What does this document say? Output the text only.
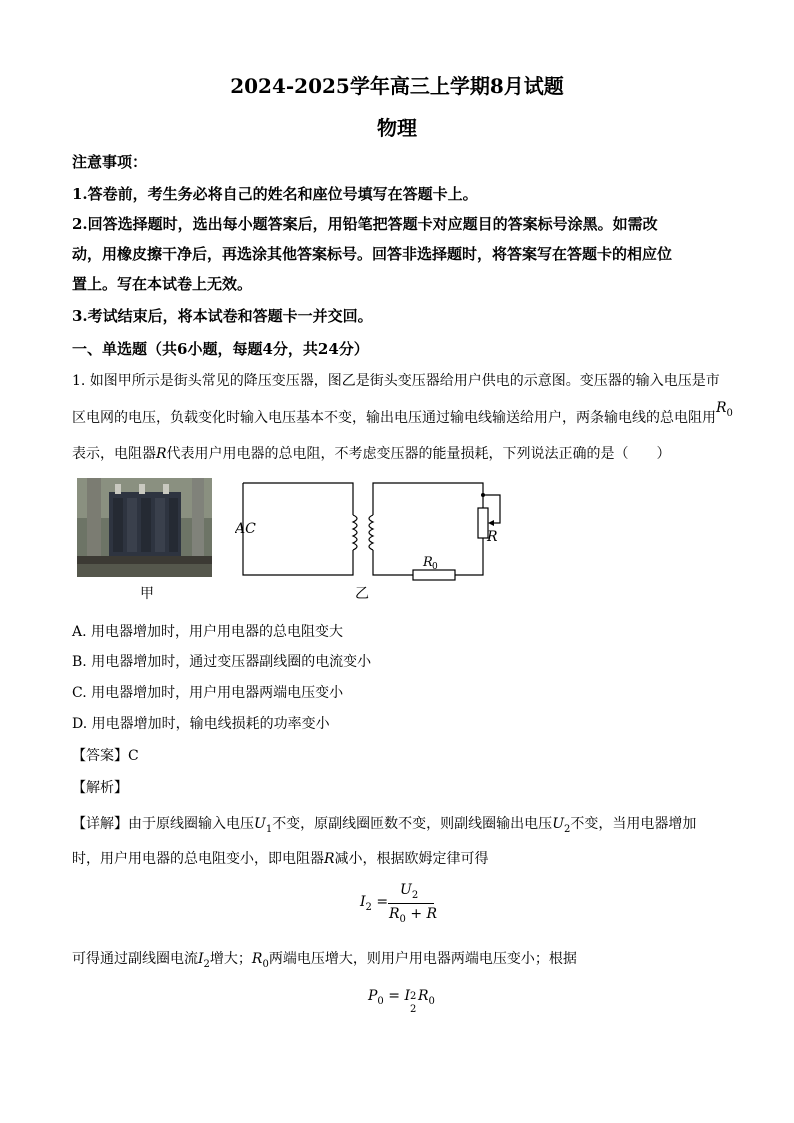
2024-2025学年高三上学期8月试题
物理
注意事项：
1.答卷前，考生务必将自己的姓名和座位号填写在答题卡上。
2.回答选择题时，选出每小题答案后，用铅笔把答题卡对应题目的答案标号涂黑。如需改
动，用橡皮擦干净后，再选涂其他答案标号。回答非选择题时，将答案写在答题卡的相应位
置上。写在本试卷上无效。
3.考试结束后，将本试卷和答题卡一并交回。
一、单选题（共6小题，每题4分，共24分）
1. 如图甲所示是街头常见的降压变压器，图乙是街头变压器给用户供电的示意图。变压器的输入电压是市
区电网的电压，负载变化时输入电压基本不变，输出电压通过输电线输送给用户，两条输电线的总电阻用$R_0$
表示，电阻器R代表用户用电器的总电阻，不考虑变压器的能量损耗，下列说法正确的是（　　）
甲
AC	R
R 0
乙
A. 用电器增加时，用户用电器的总电阻变大
B. 用电器增加时，通过变压器副线圈的电流变小
C. 用电器增加时，用户用电器两端电压变小
D. 用电器增加时，输电线损耗的功率变小
【答案】C
【解析】
【详解】由于原线圈输入电压$U_1$不变，原副线圈匝数不变，则副线圈输出电压$U_2$不变，当用电器增加
时，用户用电器的总电阻变小，即电阻器R减小，根据欧姆定律可得
$I_2$ =
$U_2$
$R_0 + R$
可得通过副线圈电流$I_2$增大；$R_0$两端电压增大，则用户用电器两端电压变小；根据
$P_0 = I$ 2
2
$R_0$
